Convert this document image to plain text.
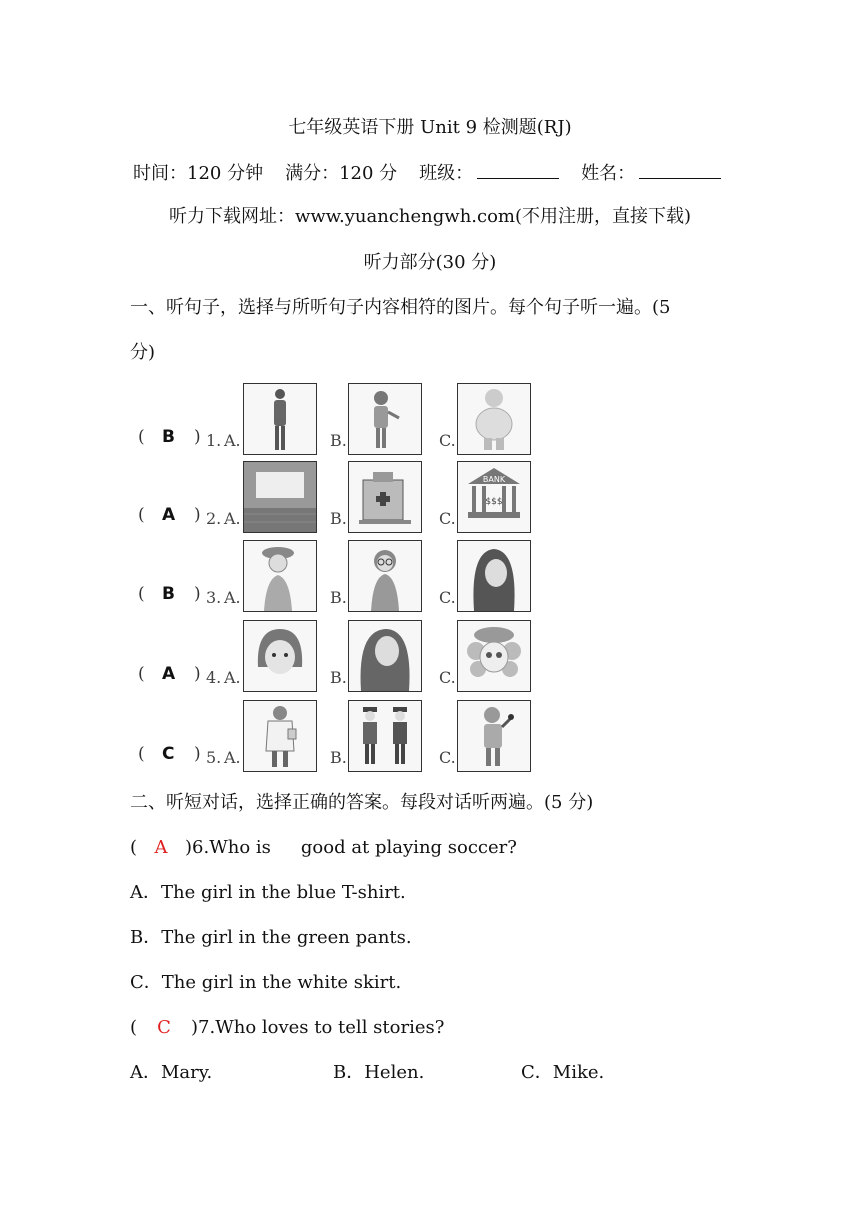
七年级英语下册 Unit 9 检测题(RJ)
时间：120 分钟 满分：120 分 班级：	姓名：
听力下载网址：www.yuanchengwh.com(不用注册，直接下载)
听力部分(30 分)
一、听句子，选择与所听句子内容相符的图片。每个句子听一遍。(5
分)
( B ) 1. A.	B.	C.
( A ) 2. A.	B.	C.
BANK
$$$
( B ) 3. A.	B.	C.
( A ) 4. A.	B.	C.
( C ) 5. A.	B.	C.
二、听短对话，选择正确的答案。每段对话听两遍。(5 分)
( A )6.Who is good at playing soccer?
A．The girl in the blue T-shirt.
B．The girl in the green pants.
C．The girl in the white skirt.
( C )7.Who loves to tell stories?
A．Mary.	B．Helen.	C．Mike.
